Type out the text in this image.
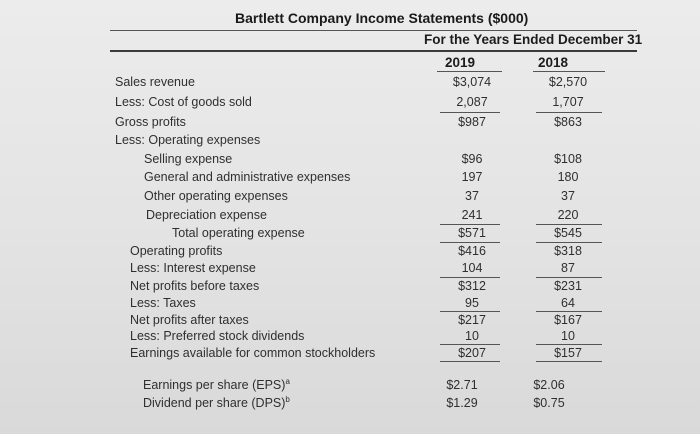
Bartlett Company Income Statements ($000)
For the Years Ended December 31
2019	2018
Sales revenue	$3,074	$2,570
Less: Cost of goods sold	2,087	1,707
Gross profits	$987	$863
Less: Operating expenses
Selling expense	$96	$108
General and administrative expenses	197	180
Other operating expenses	37	37
Depreciation expense	241	220
Total operating expense	$571	$545
Operating profits	$416	$318
Less: Interest expense	104	87
Net profits before taxes	$312	$231
Less: Taxes	95	64
Net profits after taxes	$217	$167
Less: Preferred stock dividends	10	10
Earnings available for common stockholders	$207	$157
Earnings per share (EPS)$^a$	$2.71	$2.06
Dividend per share (DPS)$^b$	$1.29	$0.75
